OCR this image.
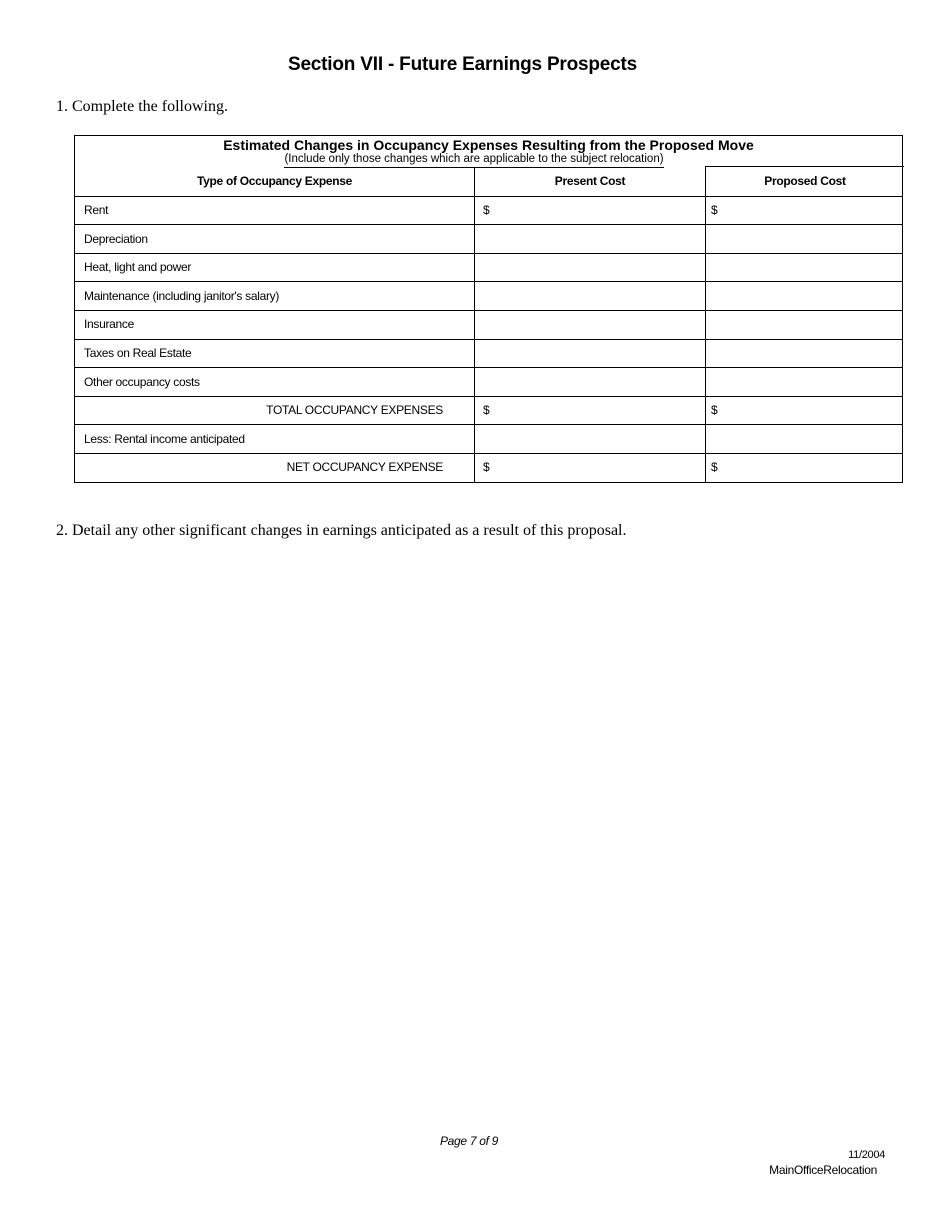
Section VII - Future Earnings Prospects
1. Complete the following.
Estimated Changes in Occupancy Expenses Resulting from the Proposed Move
(Include only those changes which are applicable to the subject relocation)
Type of Occupancy Expense	Present Cost	Proposed Cost
Rent	$	$
Depreciation
Heat, light and power
Maintenance (including janitor's salary)
Insurance
Taxes on Real Estate
Other occupancy costs
TOTAL OCCUPANCY EXPENSES	$	$
Less: Rental income anticipated
NET OCCUPANCY EXPENSE	$	$
2. Detail any other significant changes in earnings anticipated as a result of this proposal.
Page 7 of 9
11/2004
MainOfficeRelocation
